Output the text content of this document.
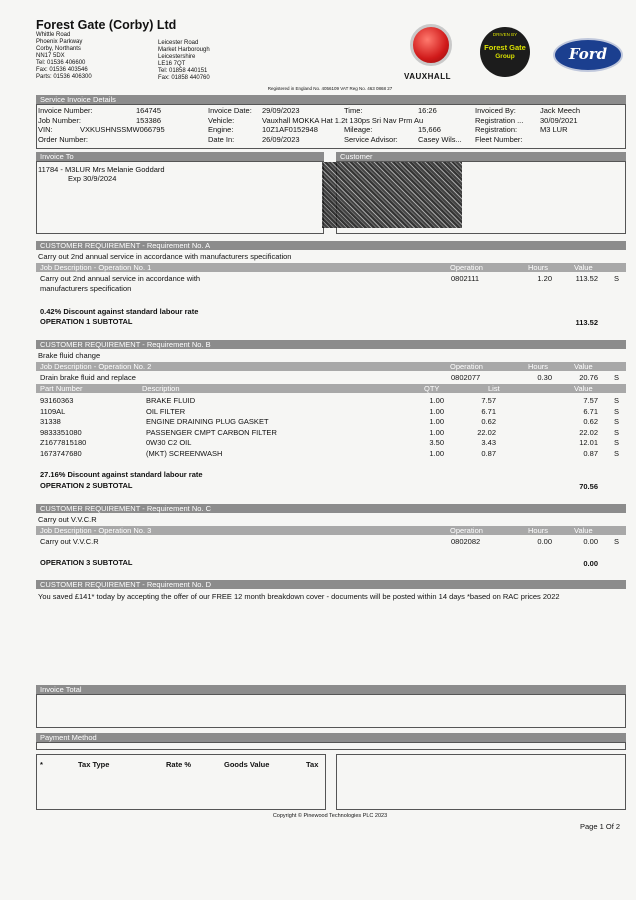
Forest Gate (Corby) Ltd
Whittle Road
Phoenix Parkway
Corby, Northants
NN17 5DX
Tel: 01536 406600
Fax: 01536 403546
Parts: 01536 406300
Leicester Road
Market Harborough
Leicestershire
LE16 7QT
Tel: 01858 440151
Fax: 01858 440760	VAUXHALL
DRIVEN BY
Forest Gate
Group	Ford
Registered in England No. 4056109 VAT Reg No. 463 0868 27
Service Invoice Details
Invoice Number:	164745
Job Number:	153386
VIN:	VXKUSHNSSMW066795
Order Number:
Invoice Date: 29/09/2023
Vehicle:	Vauxhall MOKKA Hat 1.2t 130ps Sri Nav Prm Au
Engine:	10Z1AF0152948
Date In:	26/09/2023
Time:	16:26
Mileage:	15,666
Service Advisor:	Casey Wils...
Invoiced By:	Jack Meech
Registration ... 30/09/2021
Registration:	M3 LUR
Fleet Number:
Invoice To	Customer
11784 - M3LUR Mrs Melanie Goddard
Exp 30/9/2024
CUSTOMER REQUIREMENT - Requirement No. A
Carry out 2nd annual service in accordance with manufacturers specification
Job Description - Operation No. 1	Operation	Hours	Value
Carry out 2nd annual service in accordance with
manufacturers specification
0802111	1.20	113.52 S
0.42% Discount against standard labour rate
OPERATION 1 SUBTOTAL	113.52
CUSTOMER REQUIREMENT - Requirement No. B
Brake fluid change
Job Description - Operation No. 2	Operation	Hours	Value
Drain brake fluid and replace	0802077	0.30	20.76 S
Part Number	Description	QTY	List	Value
93160363	BRAKE FLUID	1.00	7.57	7.57 S
1109AL	OIL FILTER	1.00	6.71	6.71 S
31338	ENGINE DRAINING PLUG GASKET	1.00	0.62	0.62 S
9833351080	PASSENGER CMPT CARBON FILTER	1.00	22.02	22.02 S
Z1677815180	0W30 C2 OIL	3.50	3.43	12.01 S
1673747680	(MKT) SCREENWASH	1.00	0.87	0.87 S
27.16% Discount against standard labour rate
OPERATION 2 SUBTOTAL	70.56
CUSTOMER REQUIREMENT - Requirement No. C
Carry out V.V.C.R
Job Description - Operation No. 3	Operation	Hours	Value
Carry out V.V.C.R	0802082	0.00	0.00 S
OPERATION 3 SUBTOTAL	0.00
CUSTOMER REQUIREMENT - Requirement No. D
You saved £141* today by accepting the offer of our FREE 12 month breakdown cover - documents will be posted within 14 days *based on RAC prices 2022
Invoice Total
Payment Method
*	Tax Type	Rate %	Goods Value	Tax
Copyright © Pinewood Technologies PLC 2023
Page 1 Of 2
